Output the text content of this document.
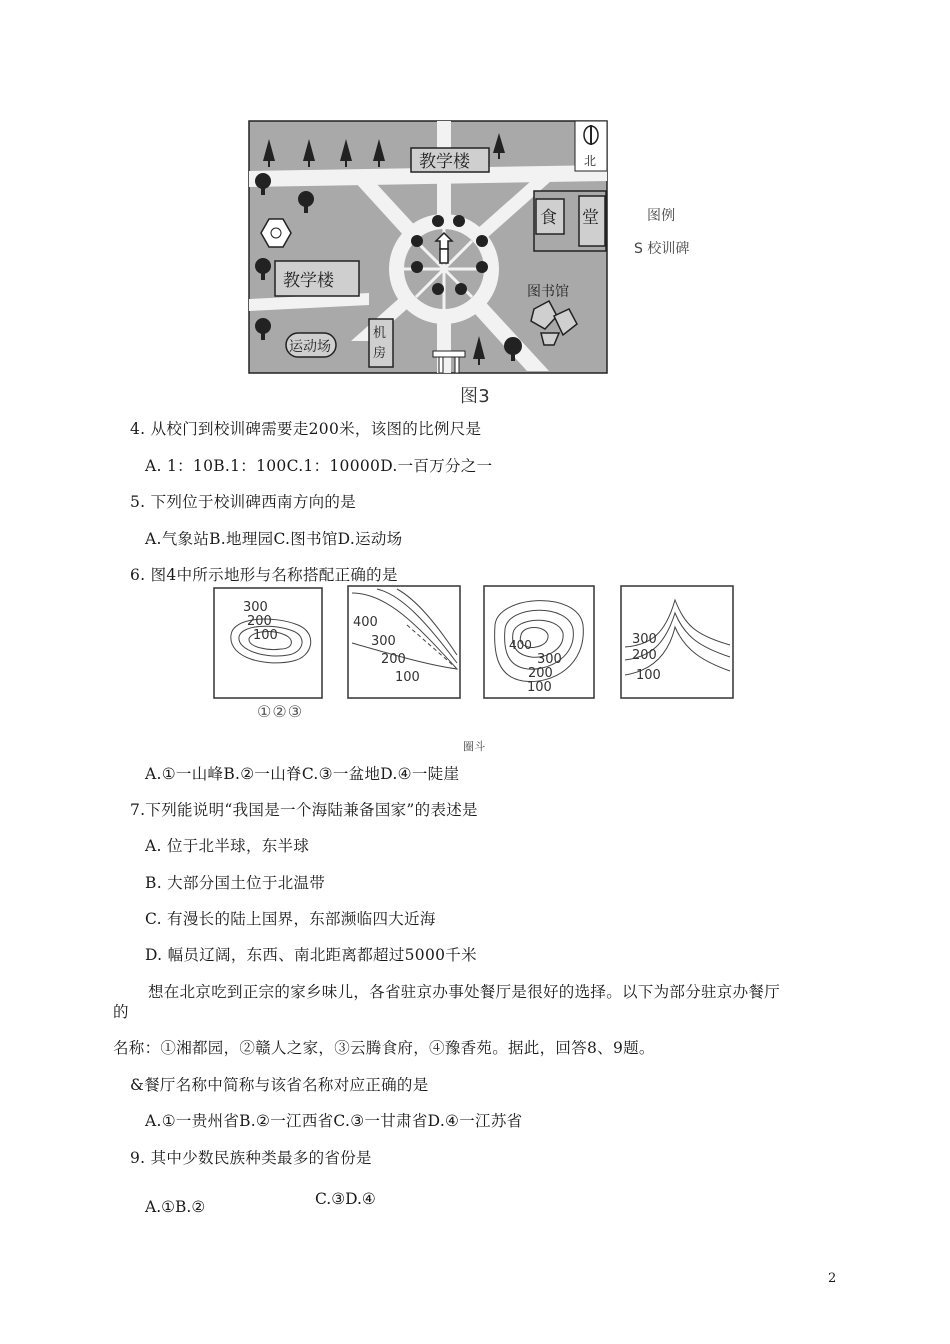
教学楼
教学楼
食 堂
图书馆
运动场
机
房
北
图例
S 校训碑
图3
4. 从校门到校训碑需要走200米，该图的比例尺是
A. 1：10B.1：100C.1：10000D.一百万分之一
5. 下列位于校训碑西南方向的是
A.气象站B.地理园C.图书馆D.运动场
6. 图4中所示地形与名称搭配正确的是
300
200
100
400
300
200
100
400
300
200
100
300
200
100
①②③
圈斗
A.①一山峰B.②一山脊C.③一盆地D.④一陡崖
7.下列能说明“我国是一个海陆兼备国家”的表述是
A. 位于北半球，东半球
B. 大部分国土位于北温带
C. 有漫长的陆上国界，东部濒临四大近海
D. 幅员辽阔，东西、南北距离都超过5000千米
想在北京吃到正宗的家乡味儿，各省驻京办事处餐厅是很好的选择。以下为部分驻京办餐厅
的
名称：①湘都园，②赣人之家，③云腾食府，④豫香苑。据此，回答8、9题。
&餐厅名称中简称与该省名称对应正确的是
A.①一贵州省B.②一江西省C.③一甘肃省D.④一江苏省
9. 其中少数民族种类最多的省份是
A.①B.②	C.③D.④
2
